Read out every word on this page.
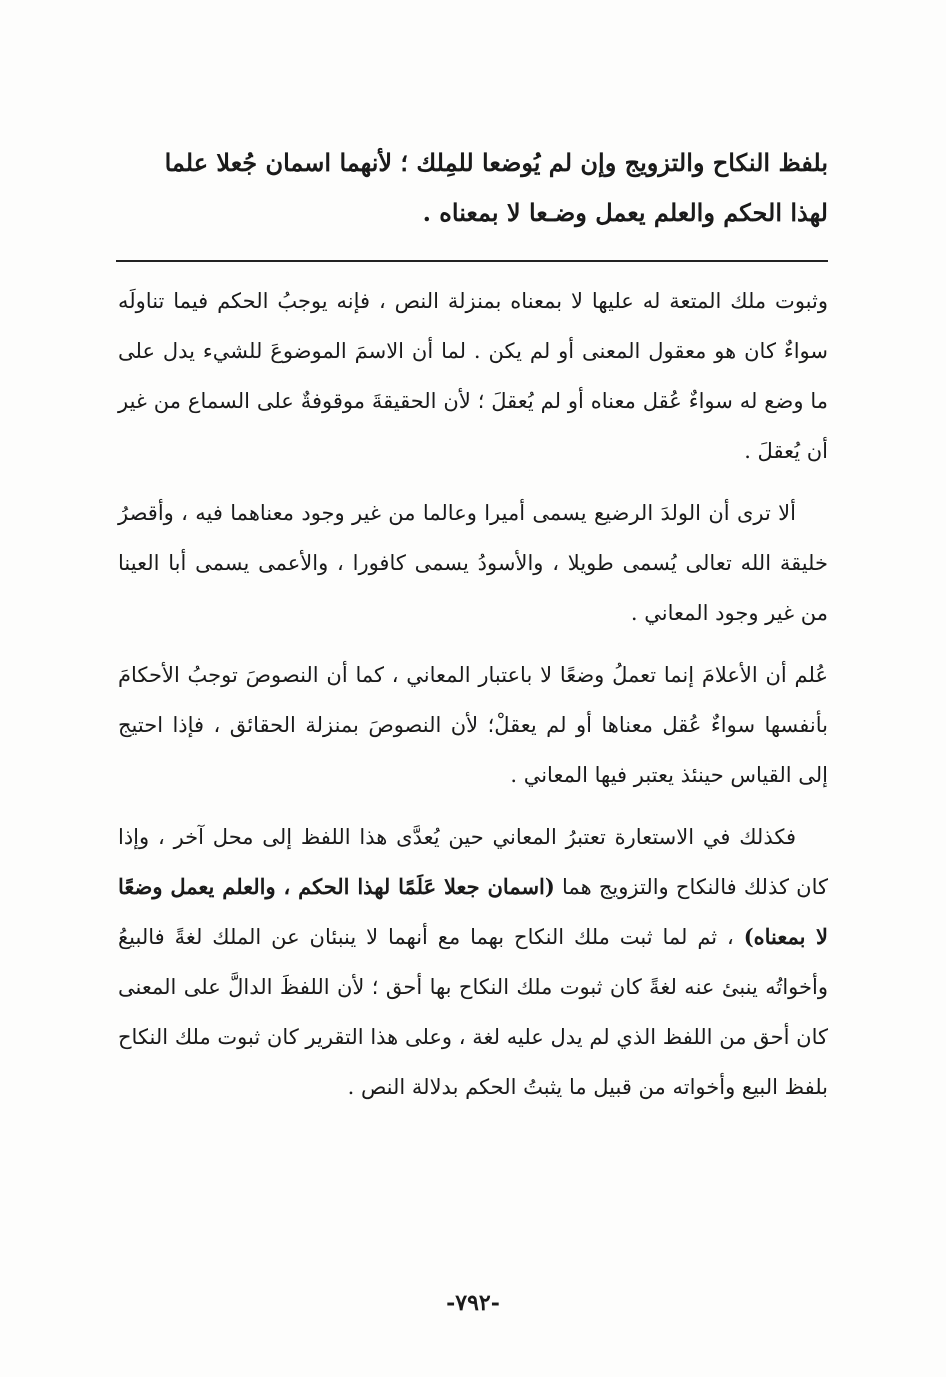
بلفظ النكاح والتزويج وإن لم يُوضعا للمِلك ؛ لأنهما اسمان جُعلا علما

لهذا الحكم والعلم يعمل وضـعا لا بمعناه .

وثبوت ملك المتعة له عليها لا بمعناه بمنزلة النص ، فإنه يوجبُ الحكم فيما تناولَه سواءٌ كان هو معقول المعنى أو لم يكن . لما أن الاسمَ الموضوعَ للشيء يدل على ما وضع له سواءٌ عُقل معناه أو لم يُعقلَ ؛ لأن الحقيقةَ موقوفةٌ على السماع من غير أن يُعقلَ .

ألا ترى أن الولدَ الرضيع يسمى أميرا وعالما من غير وجود معناهما فيه ، وأقصرُ خليقة الله تعالى يُسمى طويلا ، والأسودُ يسمى كافورا ، والأعمى يسمى أبا العينا من غير وجود المعاني .

عُلم أن الأعلامَ إنما تعملُ وضعًا لا باعتبار المعاني ، كما أن النصوصَ توجبُ الأحكامَ بأنفسها سواءٌ عُقل معناها أو لم يعقلْ؛ لأن النصوصَ بمنزلة الحقائق ، فإذا احتيج إلى القياس حينئذ يعتبر فيها المعاني .

فكذلك في الاستعارة تعتبرُ المعاني حين يُعدَّى هذا اللفظ إلى محل آخر ، وإذا كان كذلك فالنكاح والتزويج هما (اسمان جعلا عَلَمًا لهذا الحكم ، والعلم يعمل وضعًا لا بمعناه) ، ثم لما ثبت ملك النكاح بهما مع أنهما لا ينبئان عن الملك لغةً فالبيعُ وأخواتُه ينبئ عنه لغةً كان ثبوت ملك النكاح بها أحق ؛ لأن اللفظَ الدالَّ على المعنى كان أحق من اللفظ الذي لم يدل عليه لغة ، وعلى هذا التقرير كان ثبوت ملك النكاح بلفظ البيع وأخواته من قبيل ما يثبتُ الحكم بدلالة النص .

-٧٩٢-
